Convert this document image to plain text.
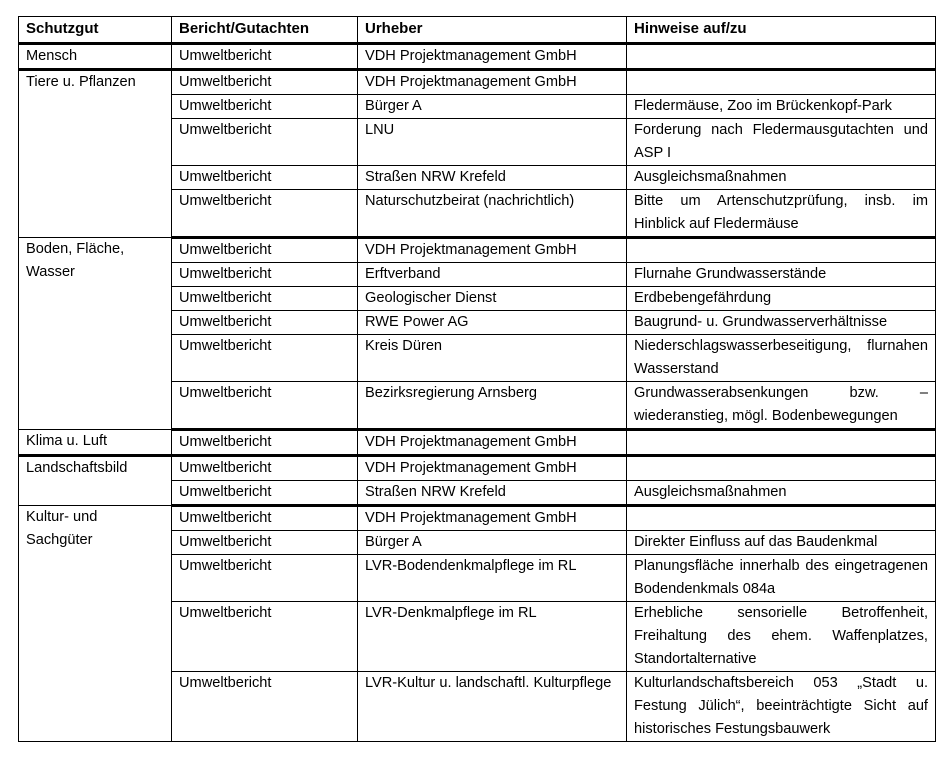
Schutzgut	Bericht/Gutachten	Urheber	Hinweise auf/zu
Mensch	Umweltbericht	VDH Projektmanagement GmbH	
Tiere u. Pflanzen	Umweltbericht	VDH Projektmanagement GmbH	
	Umweltbericht	Bürger A	Fledermäuse, Zoo im Brückenkopf-Park
	Umweltbericht	LNU	Forderung nach Fledermausgutachten und ASP I
	Umweltbericht	Straßen NRW Krefeld	Ausgleichsmaßnahmen
	Umweltbericht	Naturschutzbeirat (nachrichtlich)	Bitte um Artenschutzprüfung, insb. im Hinblick auf Fledermäuse
Boden, Fläche, Wasser	Umweltbericht	VDH Projektmanagement GmbH	
	Umweltbericht	Erftverband	Flurnahe Grundwasserstände
	Umweltbericht	Geologischer Dienst	Erdbebengefährdung
	Umweltbericht	RWE Power AG	Baugrund- u. Grundwasserverhältnisse
	Umweltbericht	Kreis Düren	Niederschlagswasserbeseitigung, flurnahen Wasserstand
	Umweltbericht	Bezirksregierung Arnsberg	Grundwasserabsenkungen bzw. –wiederanstieg, mögl. Bodenbewegungen
Klima u. Luft	Umweltbericht	VDH Projektmanagement GmbH	
Landschaftsbild	Umweltbericht	VDH Projektmanagement GmbH	
	Umweltbericht	Straßen NRW Krefeld	Ausgleichsmaßnahmen
Kultur- und Sachgüter	Umweltbericht	VDH Projektmanagement GmbH	
	Umweltbericht	Bürger A	Direkter Einfluss auf das Baudenkmal
	Umweltbericht	LVR-Bodendenkmalpflege im RL	Planungsfläche innerhalb des eingetragenen Bodendenkmals 084a
	Umweltbericht	LVR-Denkmalpflege im RL	Erhebliche sensorielle Betroffenheit, Freihaltung des ehem. Waffenplatzes, Standortalternative
	Umweltbericht	LVR-Kultur u. landschaftl. Kulturpflege	Kulturlandschaftsbereich 053 „Stadt u. Festung Jülich“, beeinträchtigte Sicht auf historisches Festungsbauwerk
